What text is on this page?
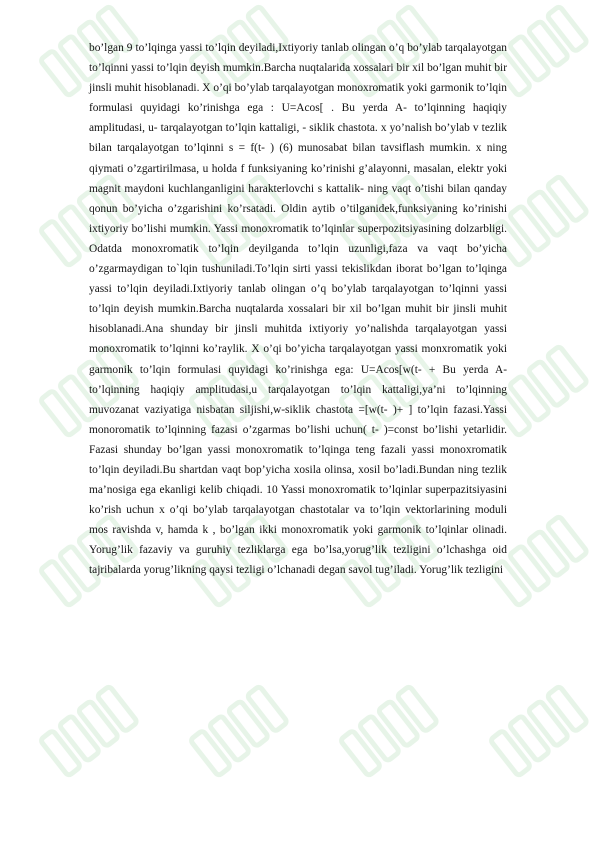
bo’lgan 9 to’lqinga yassi to’lqin deyiladi,Ixtiyoriy tanlab olingan o’q bo’ylab tarqalayotgan to’lqinni yassi to’lqin deyish mumkin.Barcha nuqtalarida xossalari bir xil bo’lgan muhit bir jinsli muhit hisoblanadi. X o’qi bo’ylab tarqalayotgan monoxromatik yoki garmonik to’lqin formulasi quyidagi ko’rinishga ega : U=Acos[ . Bu yerda A- to’lqinning haqiqiy amplitudasi, u- tarqalayotgan to’lqin kattaligi, - siklik chastota. x yo’nalish bo’ylab v tezlik bilan tarqalayotgan to’lqinni s = f(t- ) (6) munosabat bilan tavsiflash mumkin. x ning qiymati o’zgartirilmasa, u holda f funksiyaning ko’rinishi g’alayonni, masalan, elektr yoki magnit maydoni kuchlanganligini harakterlovchi s kattalik- ning vaqt o’tishi bilan qanday qonun bo’yicha o’zgarishini ko’rsatadi. Oldin aytib o’tilganidek,funksiyaning ko’rinishi ixtiyoriy bo’lishi mumkin. Yassi monoxromatik to’lqinlar superpozitsiyasining dolzarbligi. Odatda monoxromatik to’lqin deyilganda to’lqin uzunligi,faza va vaqt bo’yicha o’zgarmaydigan to`lqin tushuniladi.To’lqin sirti yassi tekislikdan iborat bo’lgan to’lqinga yassi to’lqin deyiladi.Ixtiyoriy tanlab olingan o’q bo’ylab tarqalayotgan to’lqinni yassi to’lqin deyish mumkin.Barcha nuqtalarda xossalari bir xil bo’lgan muhit bir jinsli muhit hisoblanadi.Ana shunday bir jinsli muhitda ixtiyoriy yo’nalishda tarqalayotgan yassi monoxromatik to’lqinni ko’raylik. X o’qi bo’yicha tarqalayotgan yassi monxromatik yoki garmonik to’lqin formulasi quyidagi ko’rinishga ega: U=Acos[w(t- + Bu yerda A-to’lqinning haqiqiy amplitudasi,u tarqalayotgan to’lqin kattaligi,ya’ni to’lqinning muvozanat vaziyatiga nisbatan siljishi,w-siklik chastota =[w(t- )+ ] to’lqin fazasi.Yassi monoromatik to’lqinning fazasi o’zgarmas bo’lishi uchun( t- )=const bo’lishi yetarlidir. Fazasi shunday bo’lgan yassi monoxromatik to’lqinga teng fazali yassi monoxromatik to’lqin deyiladi.Bu shartdan vaqt bop’yicha xosila olinsa, xosil bo’ladi.Bundan ning tezlik ma’nosiga ega ekanligi kelib chiqadi. 10 Yassi monoxromatik to’lqinlar superpazitsiyasini ko’rish uchun x o’qi bo’ylab tarqalayotgan chastotalar va to’lqin vektorlarining moduli mos ravishda v, hamda k , bo’lgan ikki monoxromatik yoki garmonik to’lqinlar olinadi. Yorug’lik fazaviy va guruhiy tezliklarga ega bo’lsa,yorug’lik tezligini o’lchashga oid tajribalarda yorug’likning qaysi tezligi o’lchanadi degan savol tug’iladi. Yorug’lik tezligini
